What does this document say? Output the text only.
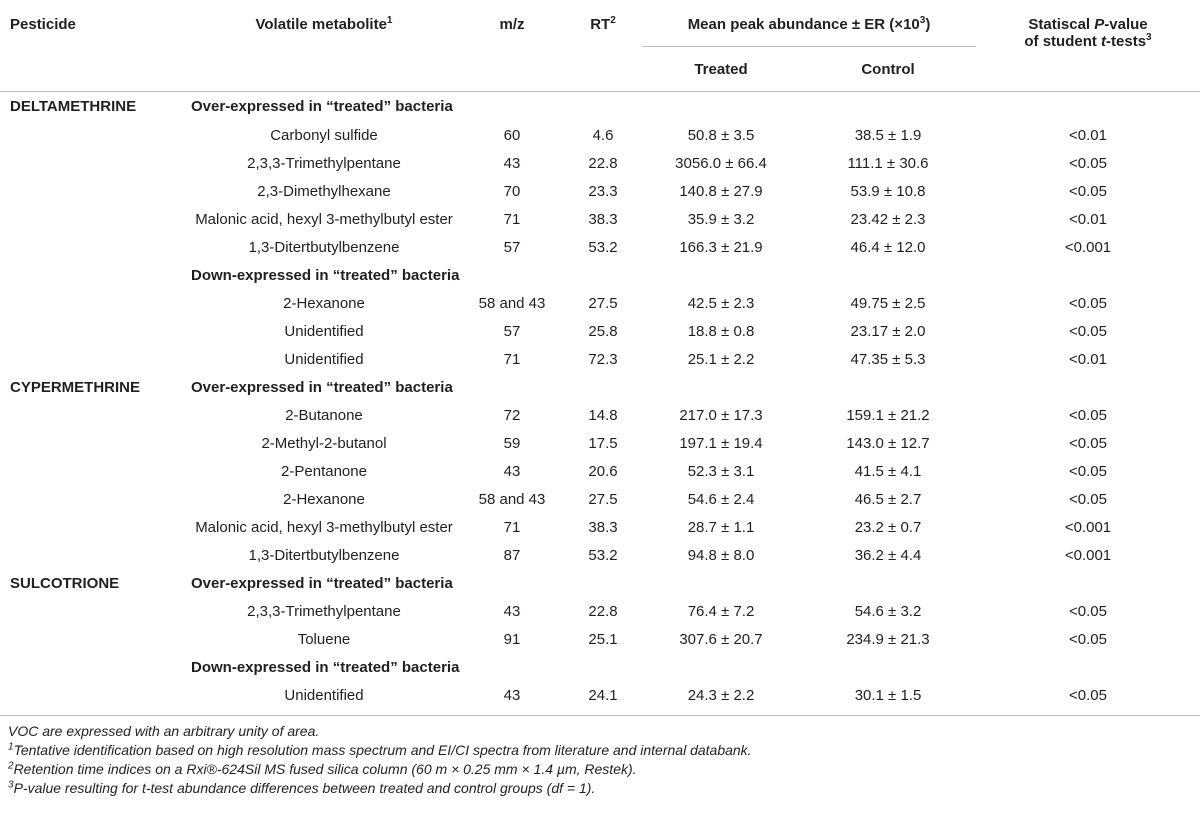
Pesticide	Volatile metabolite$^1$	m/z	$RT^2$	Mean peak abundance ± ER $(\times 10^3)$		Statiscal P-value
of student t-tests$^3$
				Treated	Control	
DELTAMETHRINE	Over-expressed in “treated” bacteria					
	Carbonyl sulfide	60	4.6	50.8 ± 3.5	38.5 ± 1.9	<0.01
	2,3,3-Trimethylpentane	43	22.8	3056.0 ± 66.4	111.1 ± 30.6	<0.05
	2,3-Dimethylhexane	70	23.3	140.8 ± 27.9	53.9 ± 10.8	<0.05
	Malonic acid, hexyl 3-methylbutyl ester	71	38.3	35.9 ± 3.2	23.42 ± 2.3	<0.01
	1,3-Ditertbutylbenzene	57	53.2	166.3 ± 21.9	46.4 ± 12.0	<0.001
	Down-expressed in “treated” bacteria					
	2-Hexanone	58 and 43	27.5	42.5 ± 2.3	49.75 ± 2.5	<0.05
	Unidentified	57	25.8	18.8 ± 0.8	23.17 ± 2.0	<0.05
	Unidentified	71	72.3	25.1 ± 2.2	47.35 ± 5.3	<0.01
CYPERMETHRINE	Over-expressed in “treated” bacteria					
	2-Butanone	72	14.8	217.0 ± 17.3	159.1 ± 21.2	<0.05
	2-Methyl-2-butanol	59	17.5	197.1 ± 19.4	143.0 ± 12.7	<0.05
	2-Pentanone	43	20.6	52.3 ± 3.1	41.5 ± 4.1	<0.05
	2-Hexanone	58 and 43	27.5	54.6 ± 2.4	46.5 ± 2.7	<0.05
	Malonic acid, hexyl 3-methylbutyl ester	71	38.3	28.7 ± 1.1	23.2 ± 0.7	<0.001
	1,3-Ditertbutylbenzene	87	53.2	94.8 ± 8.0	36.2 ± 4.4	<0.001
SULCOTRIONE	Over-expressed in “treated” bacteria					
	2,3,3-Trimethylpentane	43	22.8	76.4 ± 7.2	54.6 ± 3.2	<0.05
	Toluene	91	25.1	307.6 ± 20.7	234.9 ± 21.3	<0.05
	Down-expressed in “treated” bacteria					
	Unidentified	43	24.1	24.3 ± 2.2	30.1 ± 1.5	<0.05
VOC are expressed with an arbitrary unity of area.
$^1$Tentative identification based on high resolution mass spectrum and EI/CI spectra from literature and internal databank.
$^2$Retention time indices on a Rxi®-624Sil MS fused silica column (60 m × 0.25 mm × 1.4 µm, Restek).
$^3$P-value resulting for t-test abundance differences between treated and control groups (df = 1).
